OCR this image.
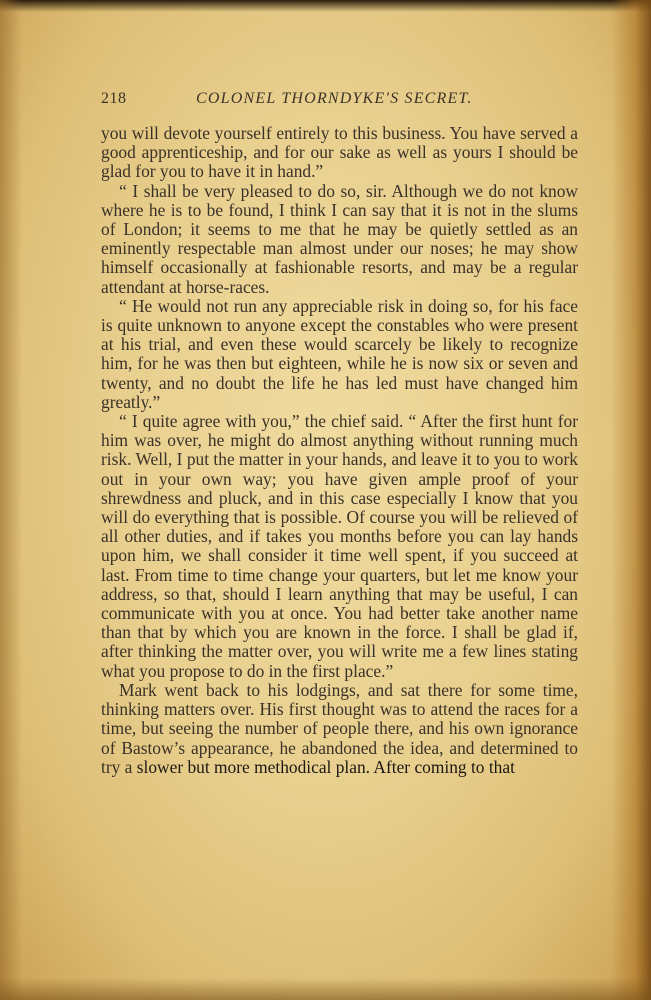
218	COLONEL THORNDYKE'S SECRET.

you will devote yourself entirely to this business. You have served a good apprenticeship, and for our sake as well as yours I should be glad for you to have it in hand.”

“ I shall be very pleased to do so, sir. Although we do not know where he is to be found, I think I can say that it is not in the slums of London; it seems to me that he may be quietly settled as an eminently respectable man almost under our noses; he may show himself occasionally at fashionable resorts, and may be a regular attendant at horse-races.

“ He would not run any appreciable risk in doing so, for his face is quite unknown to anyone except the constables who were present at his trial, and even these would scarcely be likely to recognize him, for he was then but eighteen, while he is now six or seven and twenty, and no doubt the life he has led must have changed him greatly.”

“ I quite agree with you,” the chief said. “ After the first hunt for him was over, he might do almost anything without running much risk. Well, I put the matter in your hands, and leave it to you to work out in your own way; you have given ample proof of your shrewdness and pluck, and in this case especially I know that you will do everything that is possible. Of course you will be relieved of all other duties, and if takes you months before you can lay hands upon him, we shall consider it time well spent, if you succeed at last. From time to time change your quarters, but let me know your address, so that, should I learn anything that may be useful, I can communicate with you at once. You had better take another name than that by which you are known in the force. I shall be glad if, after thinking the matter over, you will write me a few lines stating what you propose to do in the first place.”

Mark went back to his lodgings, and sat there for some time, thinking matters over. His first thought was to attend the races for a time, but seeing the number of people there, and his own ignorance of Bastow’s appearance, he abandoned the idea, and determined to try a slower but more methodical plan. After coming to that
